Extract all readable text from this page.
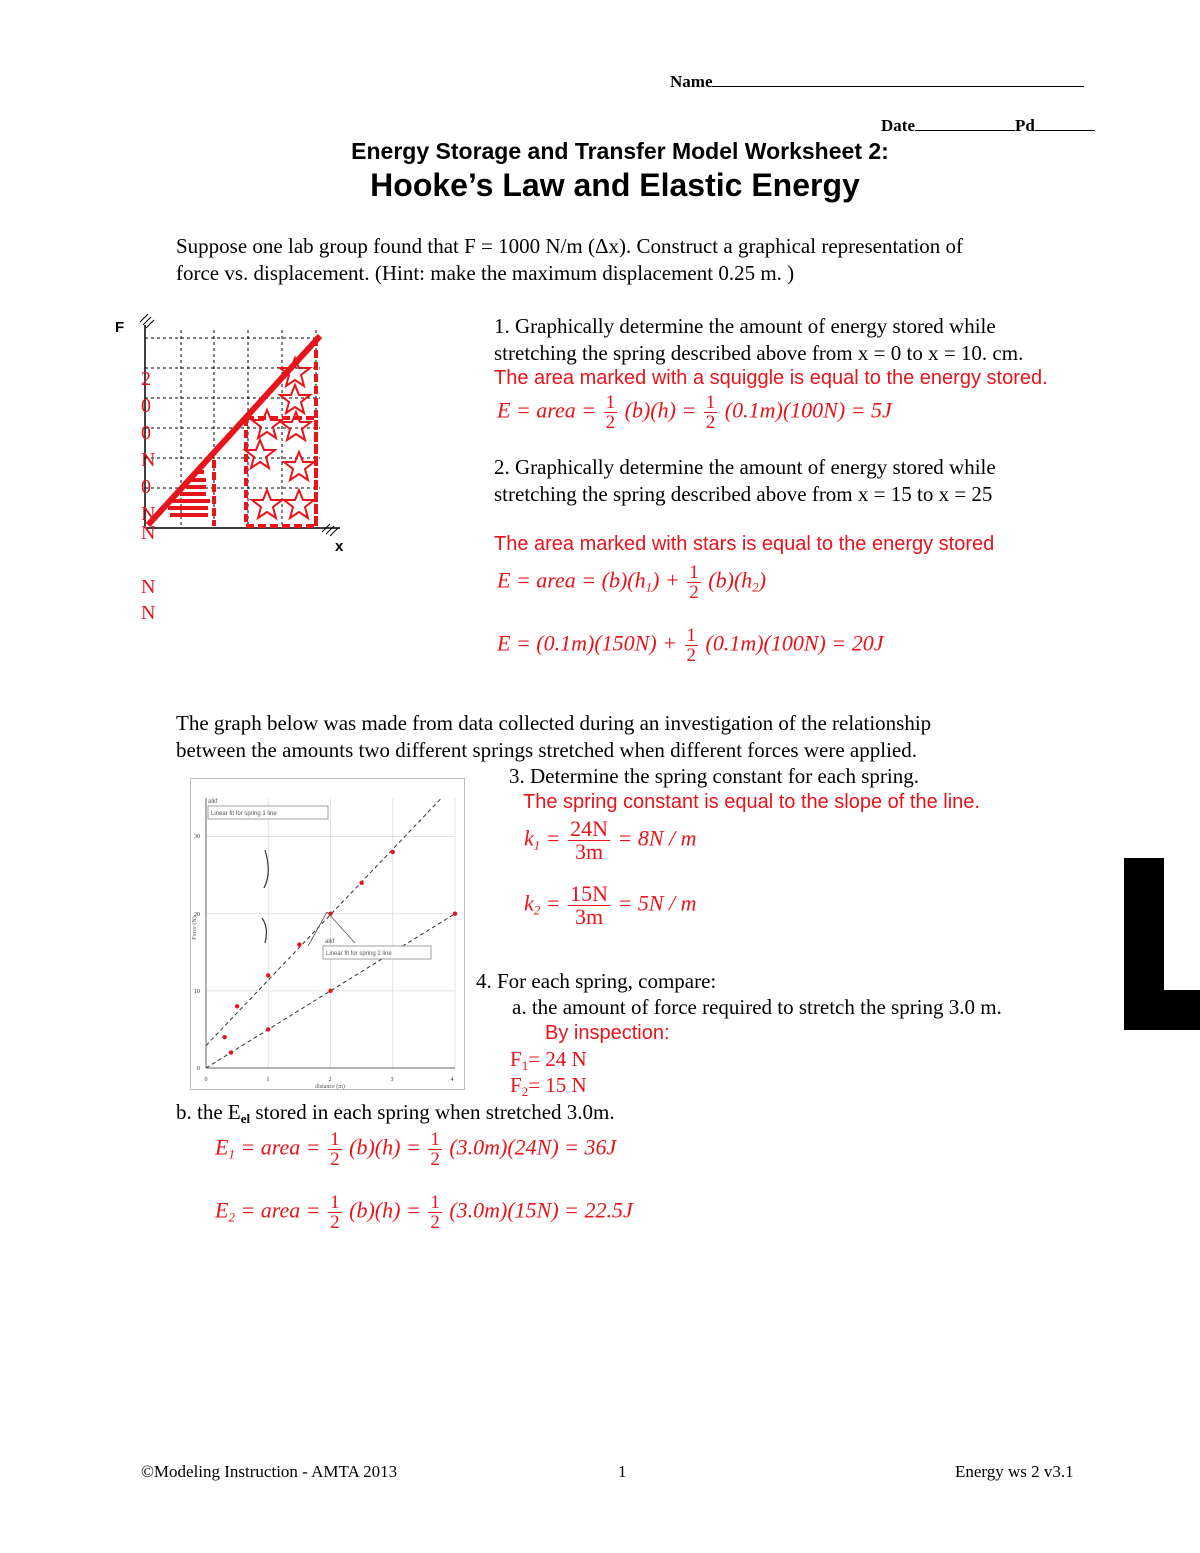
Name
Date	Pd
Energy Storage and Transfer Model Worksheet 2:
Hooke’s Law and Elastic Energy
Suppose one lab group found that F = 1000 N/m (Δx). Construct a graphical representation of
force vs. displacement. (Hint: make the maximum displacement 0.25 m. )
F
x
2
0
0
N
0
N
N
N
N
1. Graphically determine the amount of energy stored while
stretching the spring described above from x = 0 to x = 10. cm.
The area marked with a squiggle is equal to the energy stored.
E = area = $\frac{1}{2} (b)(h) = \frac{1}{2} (0.1m)(100N) = 5J$
2. Graphically determine the amount of energy stored while
stretching the spring described above from x = 15 to x = 25
The area marked with stars is equal to the energy stored
E = area = $(b)(h_1) + \frac{1}{2} (b)(h_2)$
$E = (0.1m)(150N) + \frac{1}{2} (0.1m)(100N) = 20J$
The graph below was made from data collected during an investigation of the relationship
between the amounts two different springs stretched when different forces were applied.
alkf
Linear fit for spring 1 line
alkf
Linear fit for spring 2 line
30
20
10
0
0	1	2	3	4
distance (m)
Force (N)
3. Determine the spring constant for each spring.
The spring constant is equal to the slope of the line.
$k_1 = \frac{24N}{3m} = 8N / m$
$k_2 = \frac{15N}{3m} = 5N / m$
4. For each spring, compare:
a. the amount of force required to stretch the spring 3.0 m.
By inspection:
$F_1= 24$ N
$F_2= 15$ N
b. the $E_{el}$ stored in each spring when stretched 3.0m.
$E_1$ = area = $\frac{1}{2} (b)(h) = \frac{1}{2} (3.0m)(24N) = 36J$
$E_2$ = area = $\frac{1}{2} (b)(h) = \frac{1}{2} (3.0m)(15N) = 22.5J$
©Modeling Instruction - AMTA 2013	1	Energy ws 2 v3.1
